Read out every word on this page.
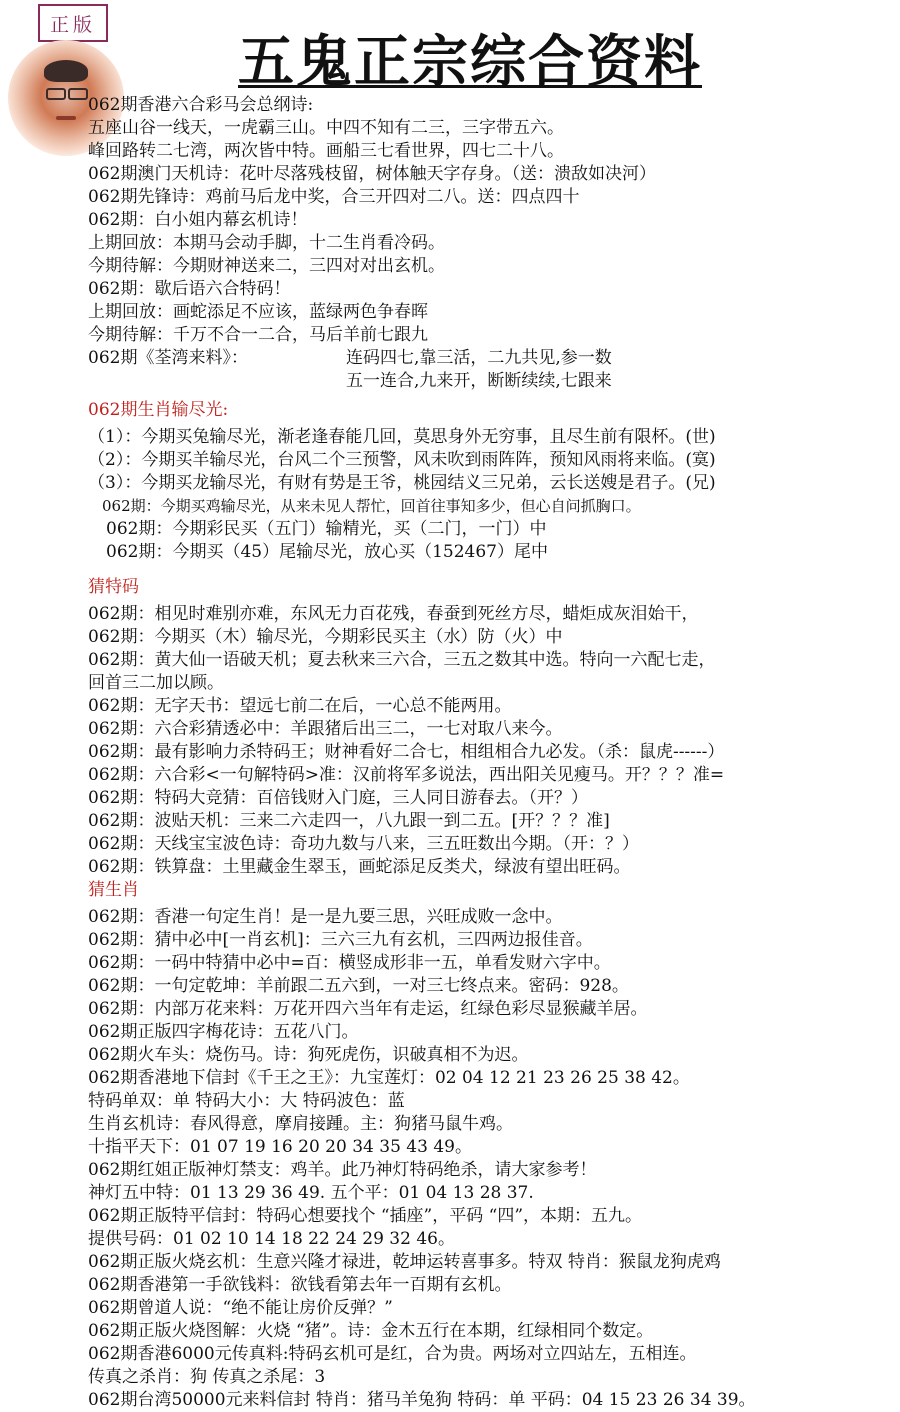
正版
五鬼正宗综合资料
062期香港六合彩马会总纲诗:
五座山谷一线天，一虎霸三山。中四不知有二三，三字带五六。
峰回路转二七湾，两次皆中特。画船三七看世界，四七二十八。
062期澳门天机诗：花叶尽落残枝留，树体触天字存身。（送：溃敌如决河）
062期先锋诗：鸡前马后龙中奖，合三开四对二八。送：四点四十
062期：白小姐内幕玄机诗！
上期回放：本期马会动手脚，十二生肖看冷码。
今期待解：今期财神送来二，三四对对出玄机。
062期：歇后语六合特码！
上期回放：画蛇添足不应该，蓝绿两色争春晖
今期待解：千万不合一二合，马后羊前七跟九
062期《荃湾来料》：	连码四七,靠三活，二九共见,参一数
五一连合,九来开，断断续续,七跟来
062期生肖输尽光:
（1）：今期买兔输尽光，渐老逢春能几回，莫思身外无穷事，且尽生前有限杯。(世)
（2）：今期买羊输尽光，台风二个三预警，风未吹到雨阵阵，预知风雨将来临。(寞)
（3）：今期买龙输尽光，有财有势是王爷，桃园结义三兄弟，云长送嫂是君子。(兄)
062期：今期买鸡输尽光，从来未见人帮忙，回首往事知多少，但心自问抓胸口。
062期：今期彩民买（五门）输精光，买（二门，一门）中
062期：今期买（45）尾输尽光，放心买（152467）尾中
猜特码
062期：相见时难别亦难，东风无力百花残，春蚕到死丝方尽，蜡炬成灰泪始干，
062期：今期买（木）输尽光，今期彩民买主（水）防（火）中
062期：黄大仙一语破天机；夏去秋来三六合，三五之数其中选。特向一六配七走，
回首三二加以顾。
062期：无字天书：望远七前二在后，一心总不能两用。
062期：六合彩猜透必中：羊跟猪后出三二，一七对取八来今。
062期：最有影响力杀特码王；财神看好二合七，相组相合九必发。（杀：鼠虎------）
062期：六合彩<一句解特码>准：汉前将军多说法，西出阳关见瘦马。开？？？准=
062期：特码大竞猜：百倍钱财入门庭，三人同日游春去。（开？）
062期：波贴天机：三来二六走四一，八九跟一到二五。[开？？？准]
062期：天线宝宝波色诗：奇功九数与八来，三五旺数出今期。（开：？）
062期：铁算盘：土里藏金生翠玉，画蛇添足反类犬，绿波有望出旺码。
猜生肖
062期：香港一句定生肖！是一是九要三思，兴旺成败一念中。
062期：猜中必中[一肖玄机]：三六三九有玄机，三四两边报佳音。
062期：一码中特猜中必中=百：横竖成形非一五，单看发财六字中。
062期：一句定乾坤：羊前跟二五六到，一对三七终点来。密码：928。
062期：内部万花来料：万花开四六当年有走运，红绿色彩尽显猴藏羊居。
062期正版四字梅花诗：五花八门。
062期火车头：烧伤马。诗：狗死虎伤，识破真相不为迟。
062期香港地下信封《千王之王》：九宝莲灯：02 04 12 21 23 26 25 38 42。
特码单双：单 特码大小：大 特码波色：蓝
生肖玄机诗：春风得意，摩肩接踵。主：狗猪马鼠牛鸡。
十指平天下：01 07 19 16 20 20 34 35 43 49。
062期红姐正版神灯禁支：鸡羊。此乃神灯特码绝杀，请大家参考！
神灯五中特：01 13 29 36 49. 五个平：01 04 13 28 37.
062期正版特平信封：特码心想要找个 “插座”，平码 “四”，本期：五九。
提供号码：01 02 10 14 18 22 24 29 32 46。
062期正版火烧玄机：生意兴隆才禄进，乾坤运转喜事多。特双 特肖：猴鼠龙狗虎鸡
062期香港第一手欲钱料：欲钱看第去年一百期有玄机。
062期曾道人说：“绝不能让房价反弹？”
062期正版火烧图解：火烧 “猪”。诗：金木五行在本期，红绿相同个数定。
062期香港6000元传真料:特码玄机可是红，合为贵。两场对立四站左，五相连。
传真之杀肖：狗 传真之杀尾：3
062期台湾50000元来料信封 特肖：猪马羊兔狗 特码：单 平码：04 15 23 26 34 39。
